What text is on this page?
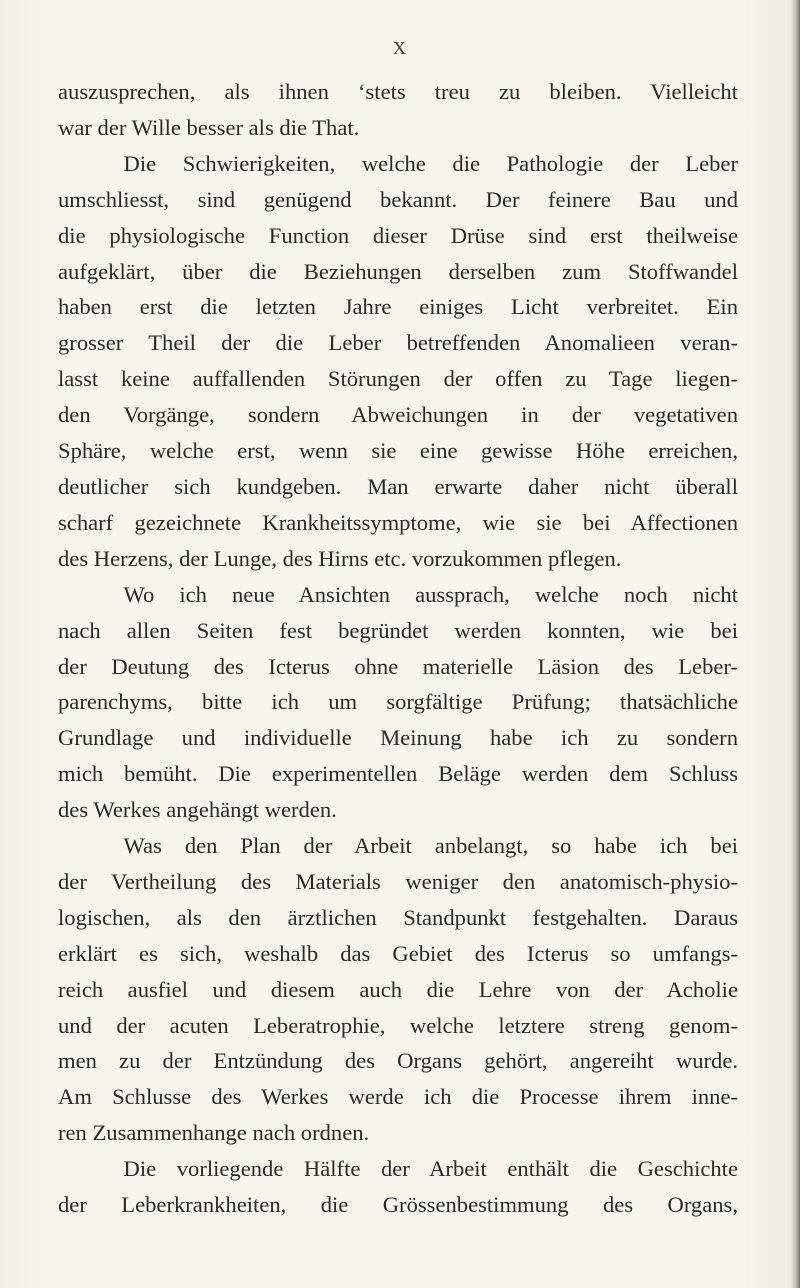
X

auszusprechen, als ihnen ‘stets treu zu bleiben. Vielleicht
war der Wille besser als die That.

Die Schwierigkeiten, welche die Pathologie der Leber
umschliesst, sind genügend bekannt. Der feinere Bau und
die physiologische Function dieser Drüse sind erst theilweise
aufgeklärt, über die Beziehungen derselben zum Stoffwandel
haben erst die letzten Jahre einiges Licht verbreitet. Ein
grosser Theil der die Leber betreffenden Anomalieen veran-
lasst keine auffallenden Störungen der offen zu Tage liegen-
den Vorgänge, sondern Abweichungen in der vegetativen
Sphäre, welche erst, wenn sie eine gewisse Höhe erreichen,
deutlicher sich kundgeben. Man erwarte daher nicht überall
scharf gezeichnete Krankheitssymptome, wie sie bei Affectionen
des Herzens, der Lunge, des Hirns etc. vorzukommen pflegen.

Wo ich neue Ansichten aussprach, welche noch nicht
nach allen Seiten fest begründet werden konnten, wie bei
der Deutung des Icterus ohne materielle Läsion des Leber-
parenchyms, bitte ich um sorgfältige Prüfung; thatsächliche
Grundlage und individuelle Meinung habe ich zu sondern
mich bemüht. Die experimentellen Beläge werden dem Schluss
des Werkes angehängt werden.

Was den Plan der Arbeit anbelangt, so habe ich bei
der Vertheilung des Materials weniger den anatomisch-physio-
logischen, als den ärztlichen Standpunkt festgehalten. Daraus
erklärt es sich, weshalb das Gebiet des Icterus so umfangs-
reich ausfiel und diesem auch die Lehre von der Acholie
und der acuten Leberatrophie, welche letztere streng genom-
men zu der Entzündung des Organs gehört, angereiht wurde.
Am Schlusse des Werkes werde ich die Processe ihrem inne-
ren Zusammenhange nach ordnen.

Die vorliegende Hälfte der Arbeit enthält die Geschichte
der Leberkrankheiten, die Grössenbestimmung des Organs,
